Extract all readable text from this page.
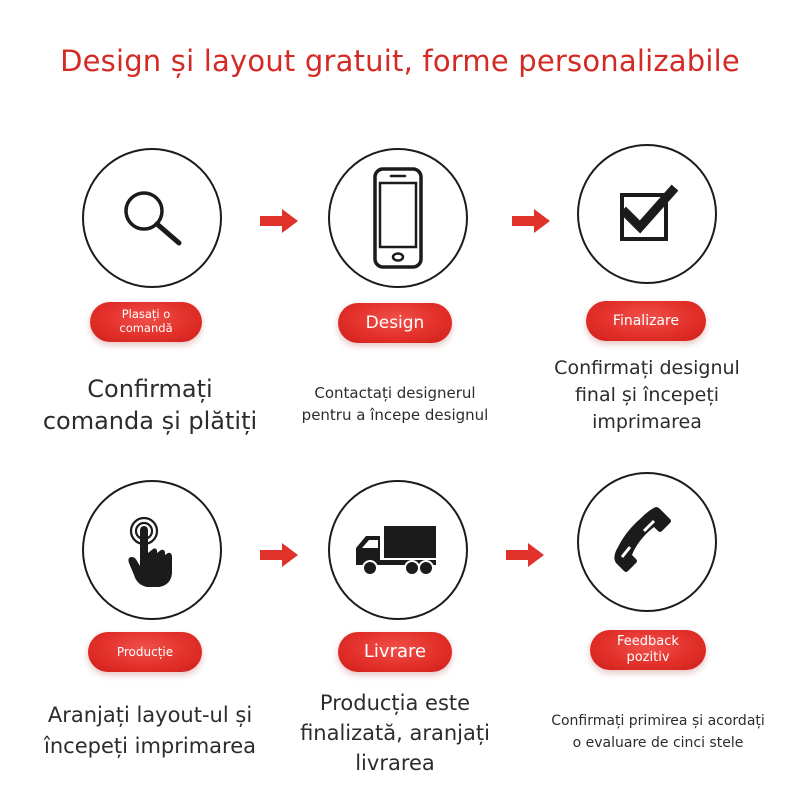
Design și layout gratuit, forme personalizabile
Plasați o
comandă	Design	Finalizare
Confirmați
comanda și plătiți
Contactați designerul
pentru a începe designul
Confirmați designul
final și începeți
imprimarea
Producție	Livrare	Feedback
pozitiv
Aranjați layout-ul și
începeți imprimarea
Producția este
finalizată, aranjați
livrarea
Confirmați primirea și acordați
o evaluare de cinci stele
